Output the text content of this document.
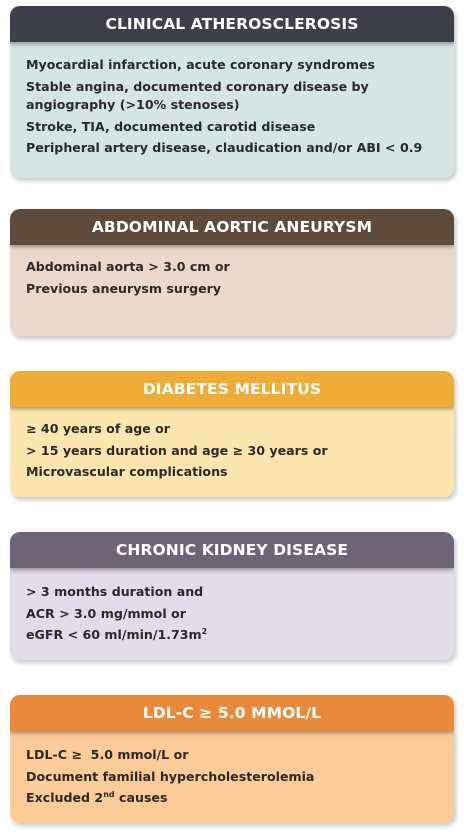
CLINICAL ATHEROSCLEROSIS
Myocardial infarction, acute coronary syndromes
Stable angina, documented coronary disease by angiography (>10% stenoses)
Stroke, TIA, documented carotid disease
Peripheral artery disease, claudication and/or ABI < 0.9
ABDOMINAL AORTIC ANEURYSM
Abdominal aorta > 3.0 cm or
Previous aneurysm surgery
DIABETES MELLITUS
≥ 40 years of age or
> 15 years duration and age ≥ 30 years or
Microvascular complications
CHRONIC KIDNEY DISEASE
> 3 months duration and
ACR > 3.0 mg/mmol or
eGFR < 60 $ml/\min/1.73m^2$
LDL-C ≥ 5.0 MMOL/L
LDL-C ≥  5.0 mmol/L or
Document familial hypercholesterolemia
Excluded 2nd causes
